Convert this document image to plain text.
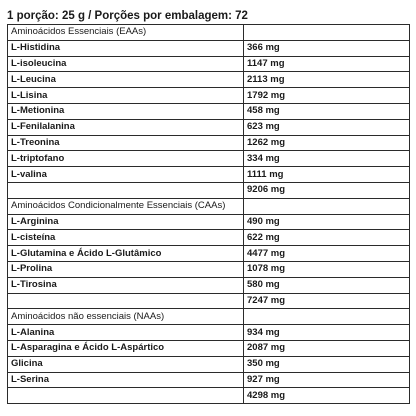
1 porção: 25 g / Porções por embalagem: 72
Aminoácidos Essenciais (EAAs)	
L-Histidina	366 mg
L-isoleucina	1147 mg
L-Leucina	2113 mg
L-Lisina	1792 mg
L-Metionina	458 mg
L-Fenilalanina	623 mg
L-Treonina	1262 mg
L-triptofano	334 mg
L-valina	1111 mg
	9206 mg
Aminoácidos Condicionalmente Essenciais (CAAs)	
L-Arginina	490 mg
L-cisteína	622 mg
L-Glutamina e Ácido L-Glutâmico	4477 mg
L-Prolina	1078 mg
L-Tirosina	580 mg
	7247 mg
Aminoácidos não essenciais (NAAs)	
L-Alanina	934 mg
L-Asparagina e Ácido L-Aspártico	2087 mg
Glicina	350 mg
L-Serina	927 mg
	4298 mg
